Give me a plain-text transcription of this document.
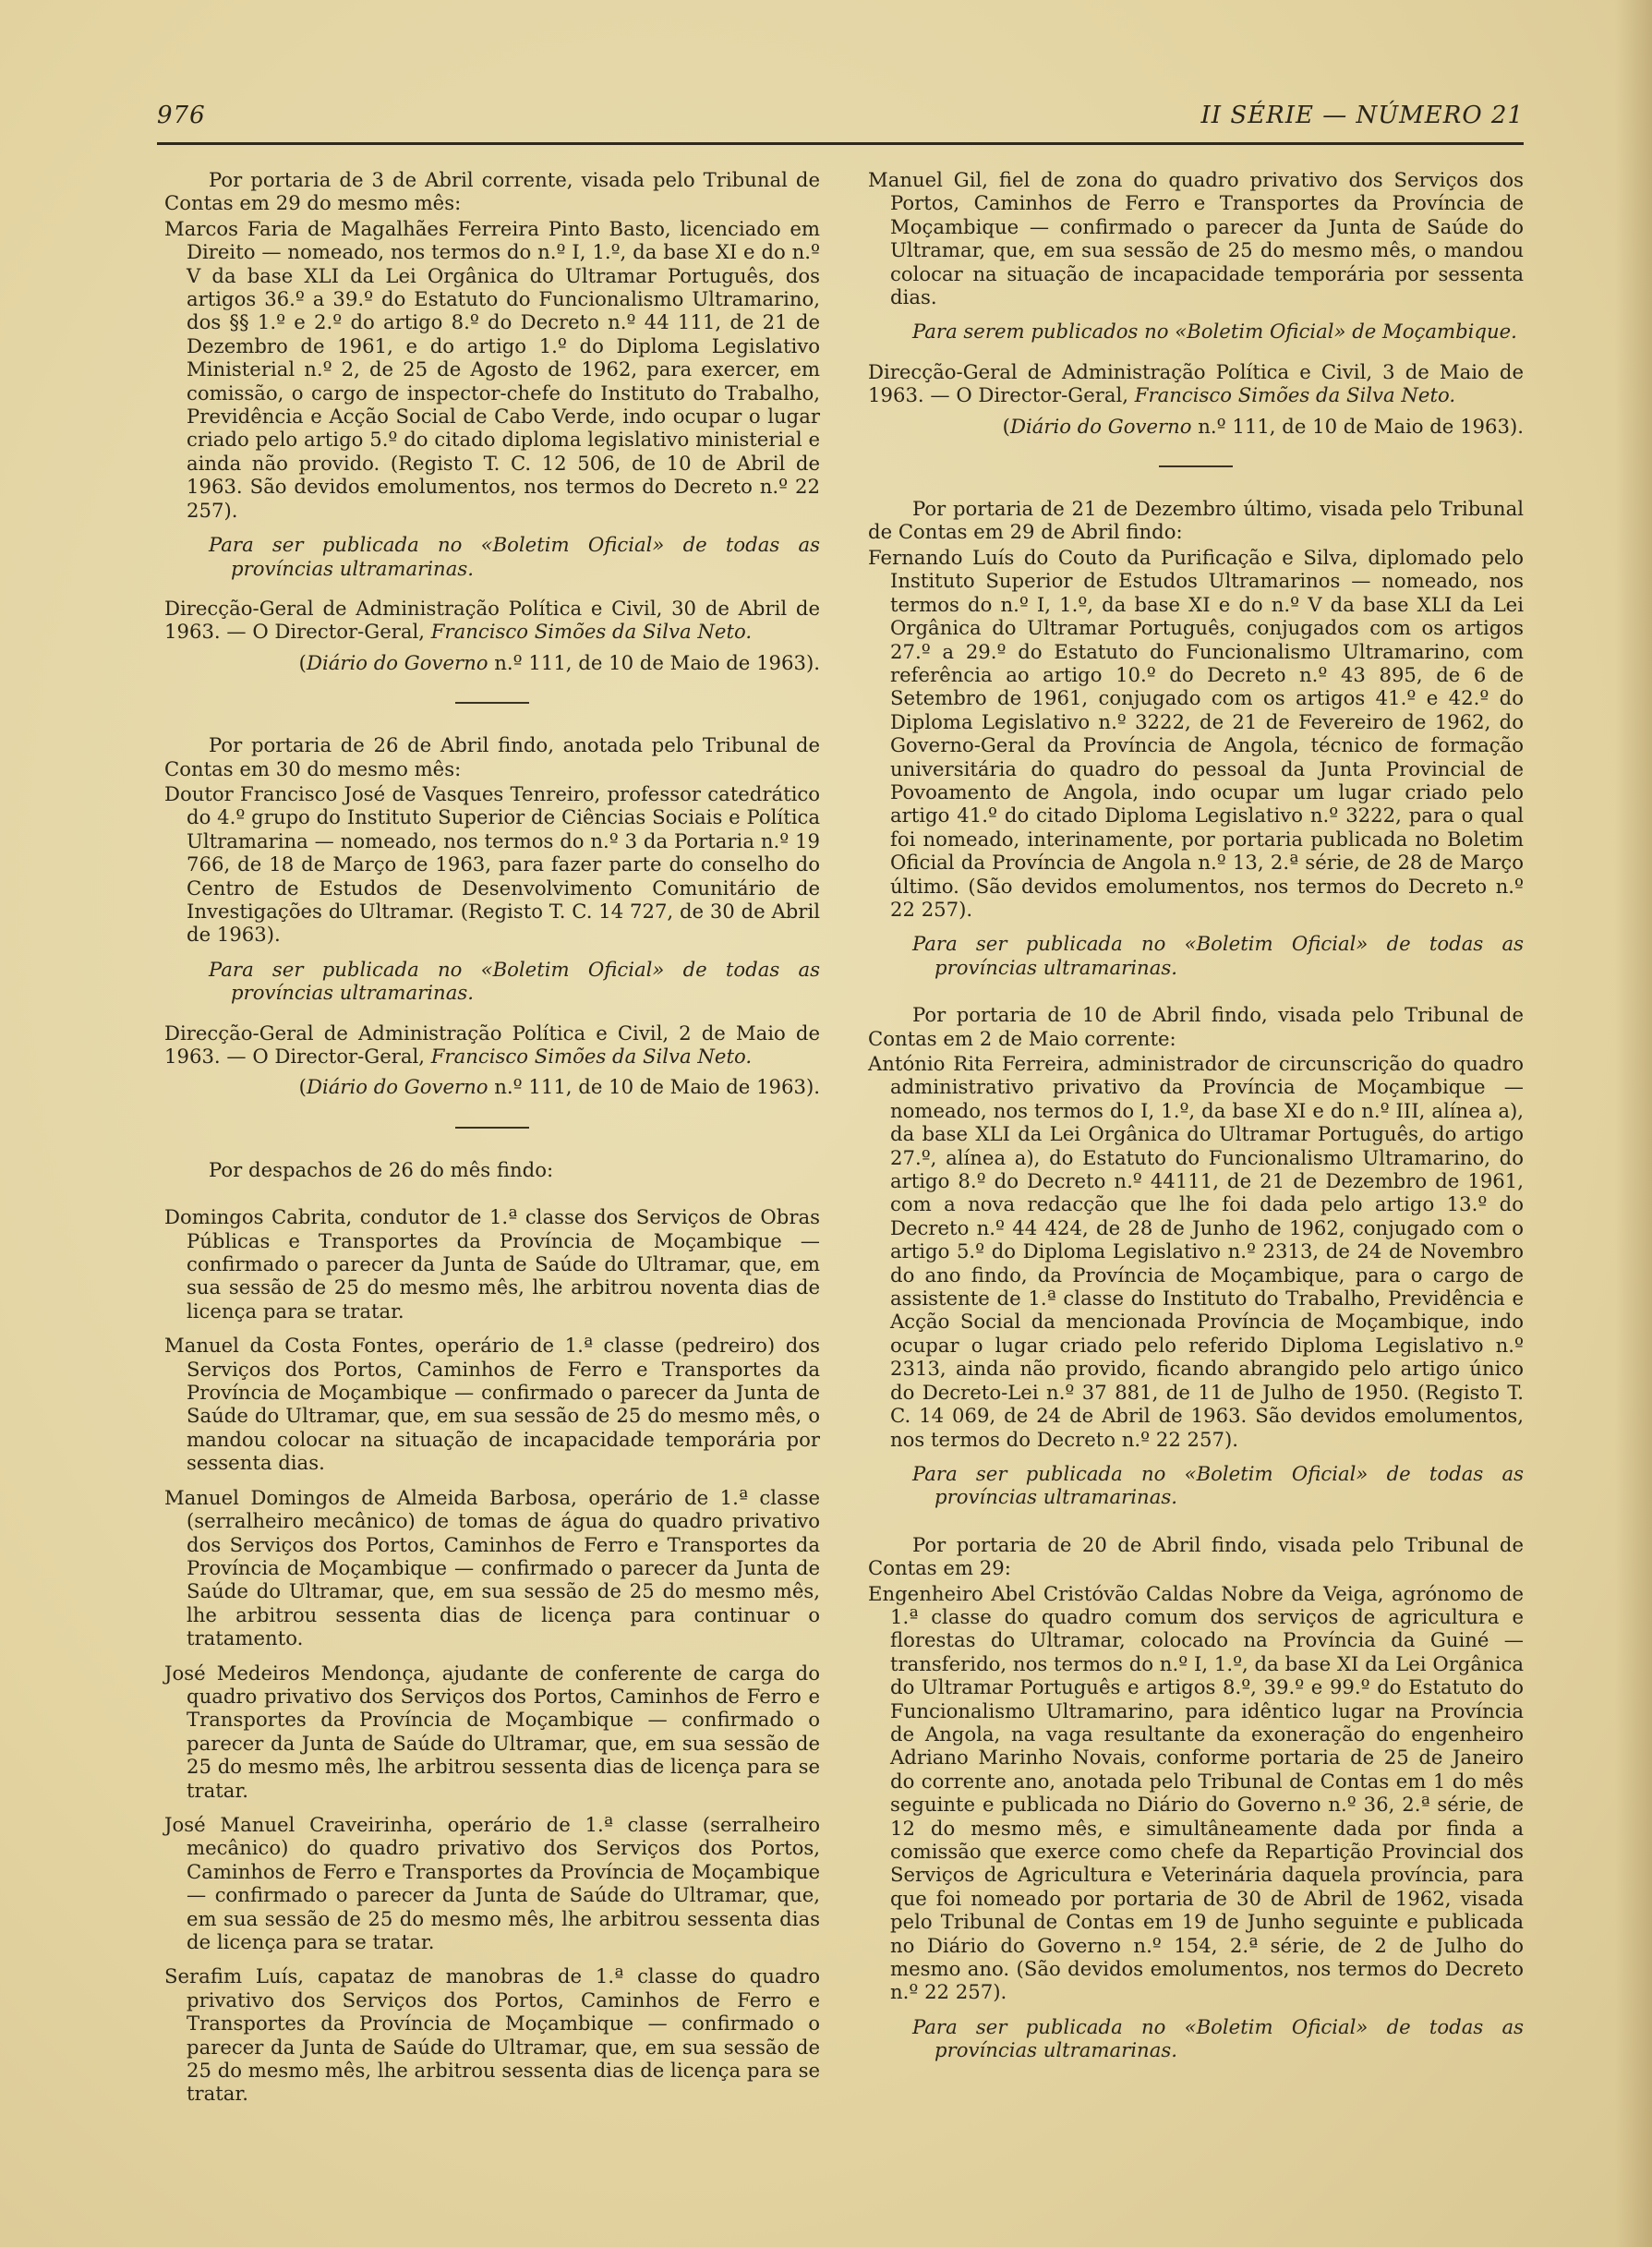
976	II SÉRIE — NÚMERO 21

Por portaria de 3 de Abril corrente, visada pelo Tribunal de Contas em 29 do mesmo mês:

Marcos Faria de Magalhães Ferreira Pinto Basto, licenciado em Direito — nomeado, nos termos do n.º I, 1.º, da base XI e do n.º V da base XLI da Lei Orgânica do Ultramar Português, dos artigos 36.º a 39.º do Estatuto do Funcionalismo Ultramarino, dos §§ 1.º e 2.º do artigo 8.º do Decreto n.º 44 111, de 21 de Dezembro de 1961, e do artigo 1.º do Diploma Legislativo Ministerial n.º 2, de 25 de Agosto de 1962, para exercer, em comissão, o cargo de inspector-chefe do Instituto do Trabalho, Previdência e Acção Social de Cabo Verde, indo ocupar o lugar criado pelo artigo 5.º do citado diploma legislativo ministerial e ainda não provido. (Registo T. C. 12 506, de 10 de Abril de 1963. São devidos emolumentos, nos termos do Decreto n.º 22 257).

Para ser publicada no «Boletim Oficial» de todas as províncias ultramarinas.

Direcção-Geral de Administração Política e Civil, 30 de Abril de 1963. — O Director-Geral, Francisco Simões da Silva Neto.

(Diário do Governo n.º 111, de 10 de Maio de 1963).

Por portaria de 26 de Abril findo, anotada pelo Tribunal de Contas em 30 do mesmo mês:

Doutor Francisco José de Vasques Tenreiro, professor catedrático do 4.º grupo do Instituto Superior de Ciências Sociais e Política Ultramarina — nomeado, nos termos do n.º 3 da Portaria n.º 19 766, de 18 de Março de 1963, para fazer parte do conselho do Centro de Estudos de Desenvolvimento Comunitário de Investigações do Ultramar. (Registo T. C. 14 727, de 30 de Abril de 1963).

Para ser publicada no «Boletim Oficial» de todas as províncias ultramarinas.

Direcção-Geral de Administração Política e Civil, 2 de Maio de 1963. — O Director-Geral, Francisco Simões da Silva Neto.

(Diário do Governo n.º 111, de 10 de Maio de 1963).

Por despachos de 26 do mês findo:

Domingos Cabrita, condutor de 1.ª classe dos Serviços de Obras Públicas e Transportes da Província de Moçambique — confirmado o parecer da Junta de Saúde do Ultramar, que, em sua sessão de 25 do mesmo mês, lhe arbitrou noventa dias de licença para se tratar.

Manuel da Costa Fontes, operário de 1.ª classe (pedreiro) dos Serviços dos Portos, Caminhos de Ferro e Transportes da Província de Moçambique — confirmado o parecer da Junta de Saúde do Ultramar, que, em sua sessão de 25 do mesmo mês, o mandou colocar na situação de incapacidade temporária por sessenta dias.

Manuel Domingos de Almeida Barbosa, operário de 1.ª classe (serralheiro mecânico) de tomas de água do quadro privativo dos Serviços dos Portos, Caminhos de Ferro e Transportes da Província de Moçambique — confirmado o parecer da Junta de Saúde do Ultramar, que, em sua sessão de 25 do mesmo mês, lhe arbitrou sessenta dias de licença para continuar o tratamento.

José Medeiros Mendonça, ajudante de conferente de carga do quadro privativo dos Serviços dos Portos, Caminhos de Ferro e Transportes da Província de Moçambique — confirmado o parecer da Junta de Saúde do Ultramar, que, em sua sessão de 25 do mesmo mês, lhe arbitrou sessenta dias de licença para se tratar.

José Manuel Craveirinha, operário de 1.ª classe (serralheiro mecânico) do quadro privativo dos Serviços dos Portos, Caminhos de Ferro e Transportes da Província de Moçambique — confirmado o parecer da Junta de Saúde do Ultramar, que, em sua sessão de 25 do mesmo mês, lhe arbitrou sessenta dias de licença para se tratar.

Serafim Luís, capataz de manobras de 1.ª classe do quadro privativo dos Serviços dos Portos, Caminhos de Ferro e Transportes da Província de Moçambique — confirmado o parecer da Junta de Saúde do Ultramar, que, em sua sessão de 25 do mesmo mês, lhe arbitrou sessenta dias de licença para se tratar.

Manuel Gil, fiel de zona do quadro privativo dos Serviços dos Portos, Caminhos de Ferro e Transportes da Província de Moçambique — confirmado o parecer da Junta de Saúde do Ultramar, que, em sua sessão de 25 do mesmo mês, o mandou colocar na situação de incapacidade temporária por sessenta dias.

Para serem publicados no «Boletim Oficial» de Moçambique.

Direcção-Geral de Administração Política e Civil, 3 de Maio de 1963. — O Director-Geral, Francisco Simões da Silva Neto.

(Diário do Governo n.º 111, de 10 de Maio de 1963).

Por portaria de 21 de Dezembro último, visada pelo Tribunal de Contas em 29 de Abril findo:

Fernando Luís do Couto da Purificação e Silva, diplomado pelo Instituto Superior de Estudos Ultramarinos — nomeado, nos termos do n.º I, 1.º, da base XI e do n.º V da base XLI da Lei Orgânica do Ultramar Português, conjugados com os artigos 27.º a 29.º do Estatuto do Funcionalismo Ultramarino, com referência ao artigo 10.º do Decreto n.º 43 895, de 6 de Setembro de 1961, conjugado com os artigos 41.º e 42.º do Diploma Legislativo n.º 3222, de 21 de Fevereiro de 1962, do Governo-Geral da Província de Angola, técnico de formação universitária do quadro do pessoal da Junta Provincial de Povoamento de Angola, indo ocupar um lugar criado pelo artigo 41.º do citado Diploma Legislativo n.º 3222, para o qual foi nomeado, interinamente, por portaria publicada no Boletim Oficial da Província de Angola n.º 13, 2.ª série, de 28 de Março último. (São devidos emolumentos, nos termos do Decreto n.º 22 257).

Para ser publicada no «Boletim Oficial» de todas as províncias ultramarinas.

Por portaria de 10 de Abril findo, visada pelo Tribunal de Contas em 2 de Maio corrente:

António Rita Ferreira, administrador de circunscrição do quadro administrativo privativo da Província de Moçambique — nomeado, nos termos do I, 1.º, da base XI e do n.º III, alínea a), da base XLI da Lei Orgânica do Ultramar Português, do artigo 27.º, alínea a), do Estatuto do Funcionalismo Ultramarino, do artigo 8.º do Decreto n.º 44111, de 21 de Dezembro de 1961, com a nova redacção que lhe foi dada pelo artigo 13.º do Decreto n.º 44 424, de 28 de Junho de 1962, conjugado com o artigo 5.º do Diploma Legislativo n.º 2313, de 24 de Novembro do ano findo, da Província de Moçambique, para o cargo de assistente de 1.ª classe do Instituto do Trabalho, Previdência e Acção Social da mencionada Província de Moçambique, indo ocupar o lugar criado pelo referido Diploma Legislativo n.º 2313, ainda não provido, ficando abrangido pelo artigo único do Decreto-Lei n.º 37 881, de 11 de Julho de 1950. (Registo T. C. 14 069, de 24 de Abril de 1963. São devidos emolumentos, nos termos do Decreto n.º 22 257).

Para ser publicada no «Boletim Oficial» de todas as províncias ultramarinas.

Por portaria de 20 de Abril findo, visada pelo Tribunal de Contas em 29:

Engenheiro Abel Cristóvão Caldas Nobre da Veiga, agrónomo de 1.ª classe do quadro comum dos serviços de agricultura e florestas do Ultramar, colocado na Província da Guiné — transferido, nos termos do n.º I, 1.º, da base XI da Lei Orgânica do Ultramar Português e artigos 8.º, 39.º e 99.º do Estatuto do Funcionalismo Ultramarino, para idêntico lugar na Província de Angola, na vaga resultante da exoneração do engenheiro Adriano Marinho Novais, conforme portaria de 25 de Janeiro do corrente ano, anotada pelo Tribunal de Contas em 1 do mês seguinte e publicada no Diário do Governo n.º 36, 2.ª série, de 12 do mesmo mês, e simultâneamente dada por finda a comissão que exerce como chefe da Repartição Provincial dos Serviços de Agricultura e Veterinária daquela província, para que foi nomeado por portaria de 30 de Abril de 1962, visada pelo Tribunal de Contas em 19 de Junho seguinte e publicada no Diário do Governo n.º 154, 2.ª série, de 2 de Julho do mesmo ano. (São devidos emolumentos, nos termos do Decreto n.º 22 257).

Para ser publicada no «Boletim Oficial» de todas as províncias ultramarinas.
